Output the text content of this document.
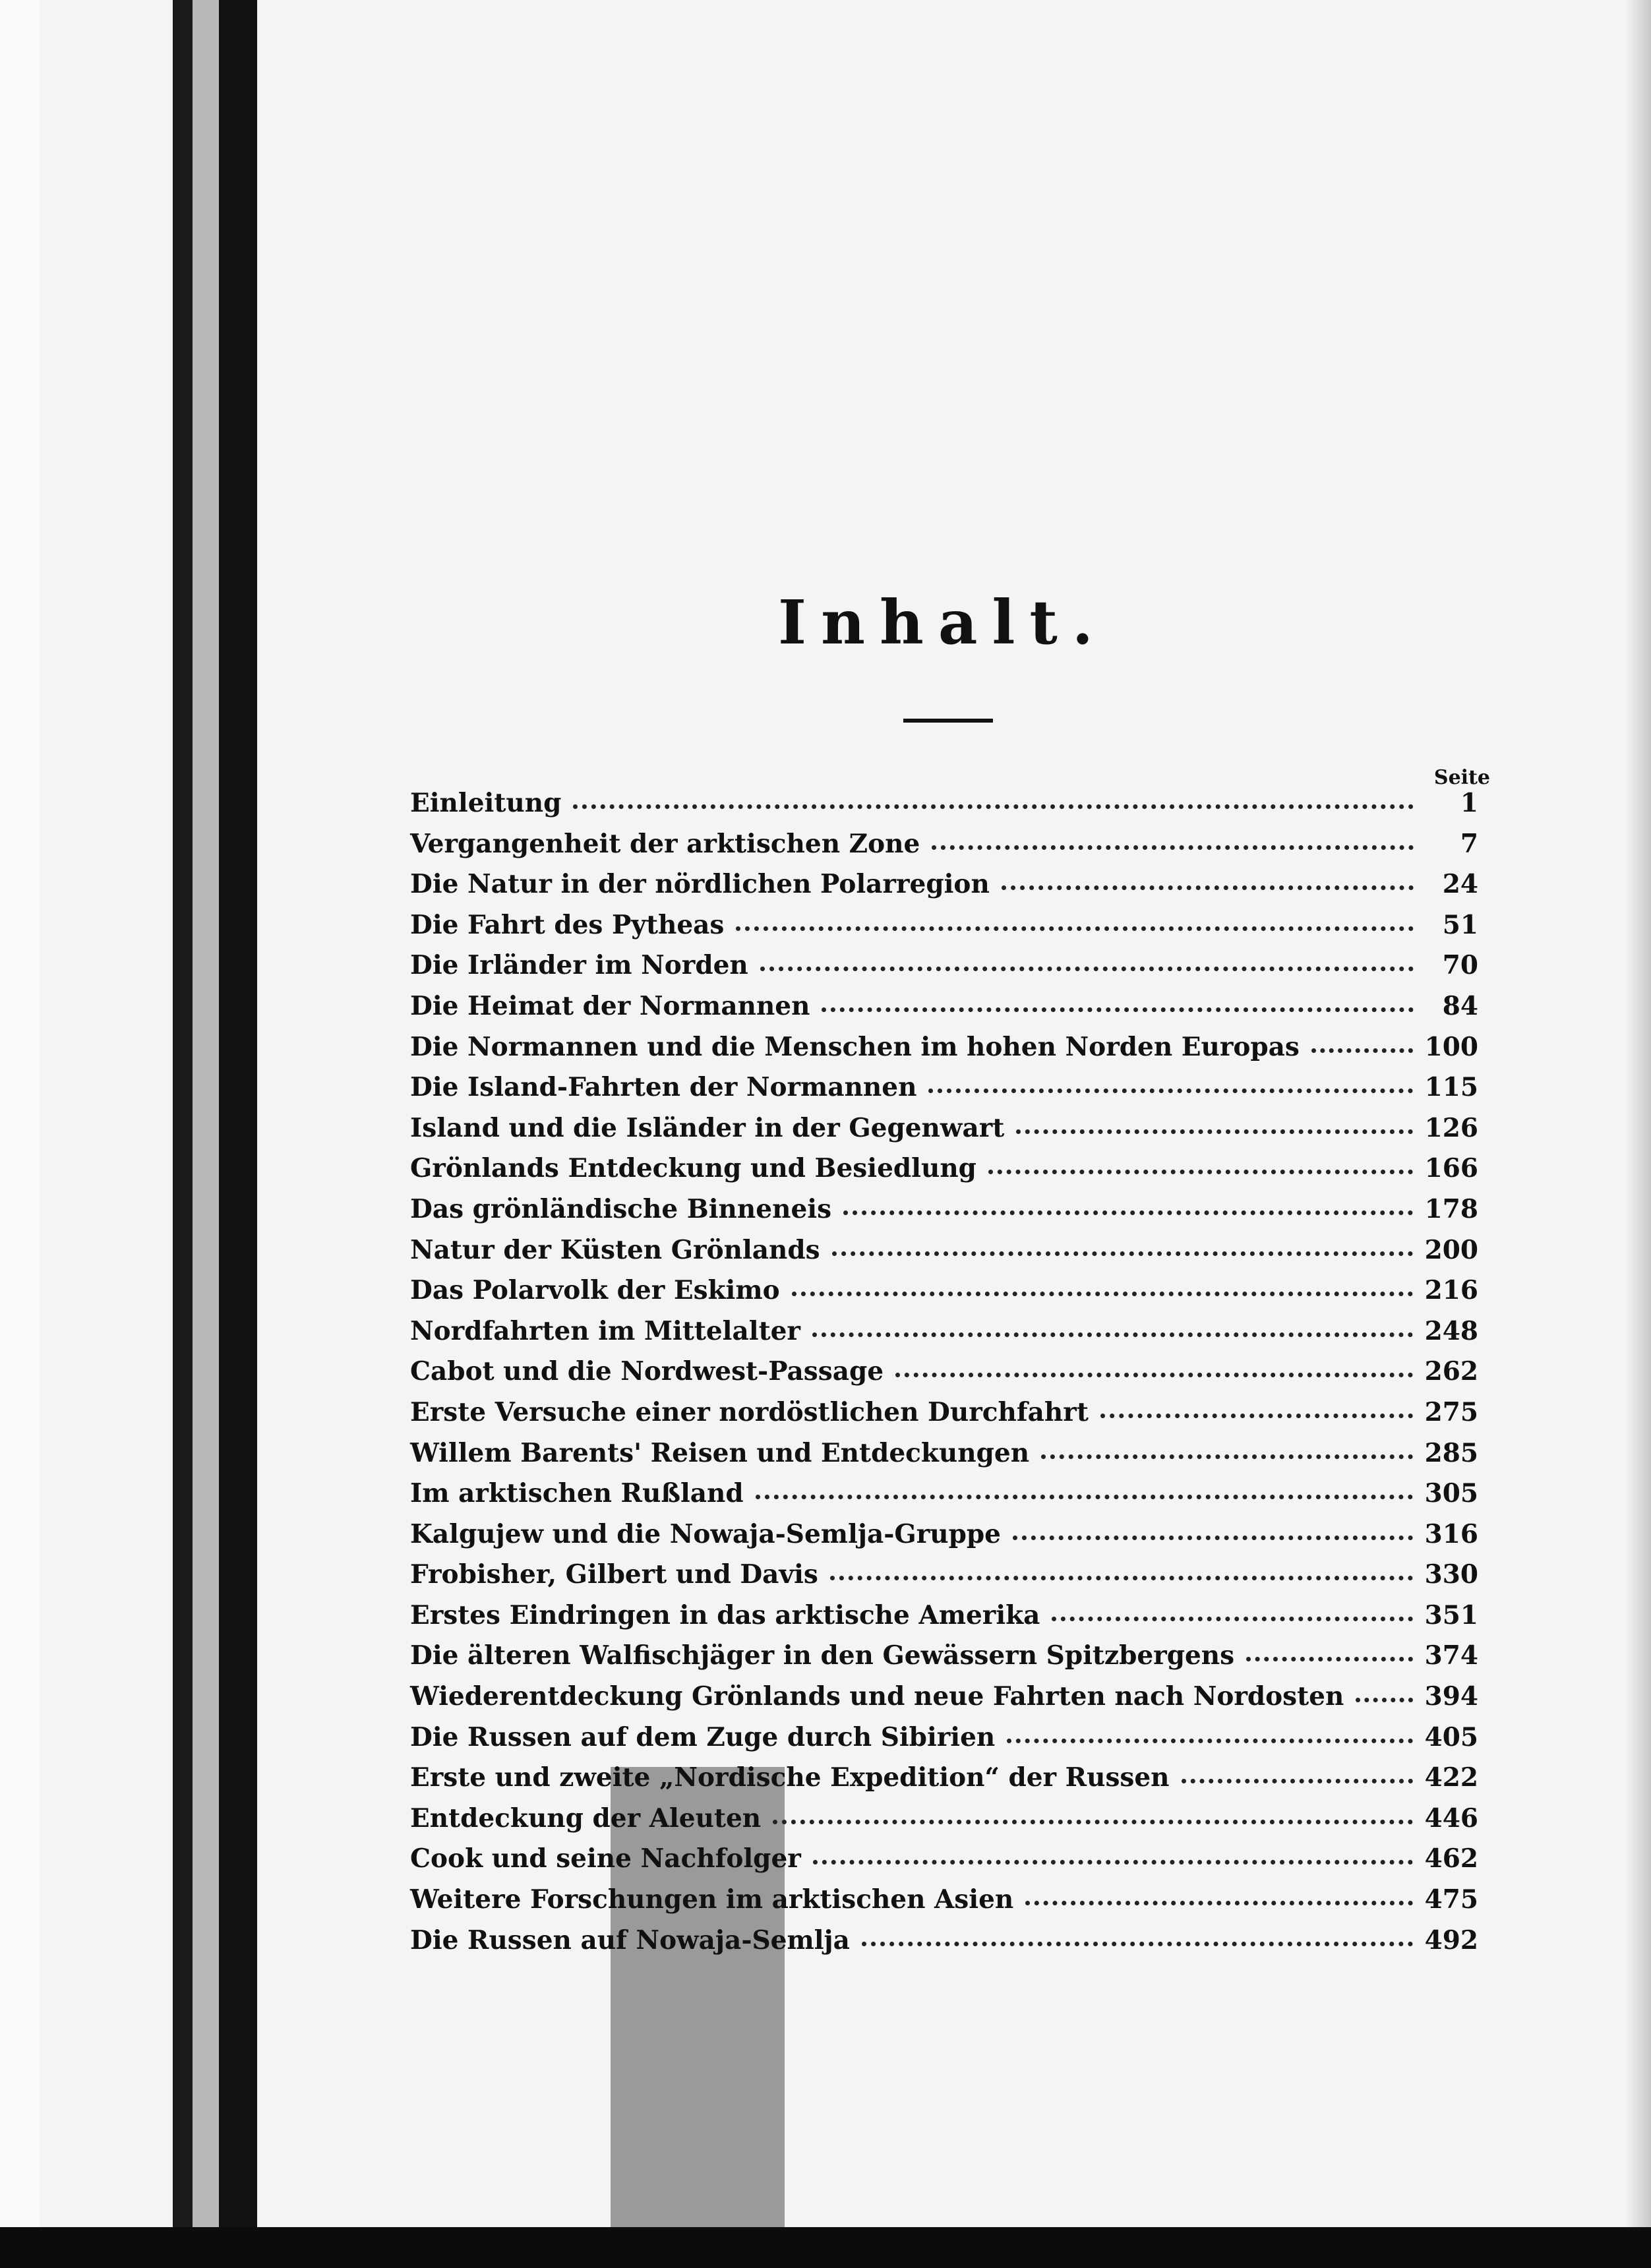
Inhalt.
Seite
Einleitung	1
Vergangenheit der arktischen Zone	7
Die Natur in der nördlichen Polarregion	24
Die Fahrt des Pytheas	51
Die Irländer im Norden	70
Die Heimat der Normannen	84
Die Normannen und die Menschen im hohen Norden Europas	100
Die Island-Fahrten der Normannen	115
Island und die Isländer in der Gegenwart	126
Grönlands Entdeckung und Besiedlung	166
Das grönländische Binneneis	178
Natur der Küsten Grönlands	200
Das Polarvolk der Eskimo	216
Nordfahrten im Mittelalter	248
Cabot und die Nordwest-Passage	262
Erste Versuche einer nordöstlichen Durchfahrt	275
Willem Barents' Reisen und Entdeckungen	285
Im arktischen Rußland	305
Kalgujew und die Nowaja-Semlja-Gruppe	316
Frobisher, Gilbert und Davis	330
Erstes Eindringen in das arktische Amerika	351
Die älteren Walfischjäger in den Gewässern Spitzbergens	374
Wiederentdeckung Grönlands und neue Fahrten nach Nordosten	394
Die Russen auf dem Zuge durch Sibirien	405
Erste und zweite „Nordische Expedition“ der Russen	422
Entdeckung der Aleuten	446
Cook und seine Nachfolger	462
Weitere Forschungen im arktischen Asien	475
Die Russen auf Nowaja-Semlja	492
